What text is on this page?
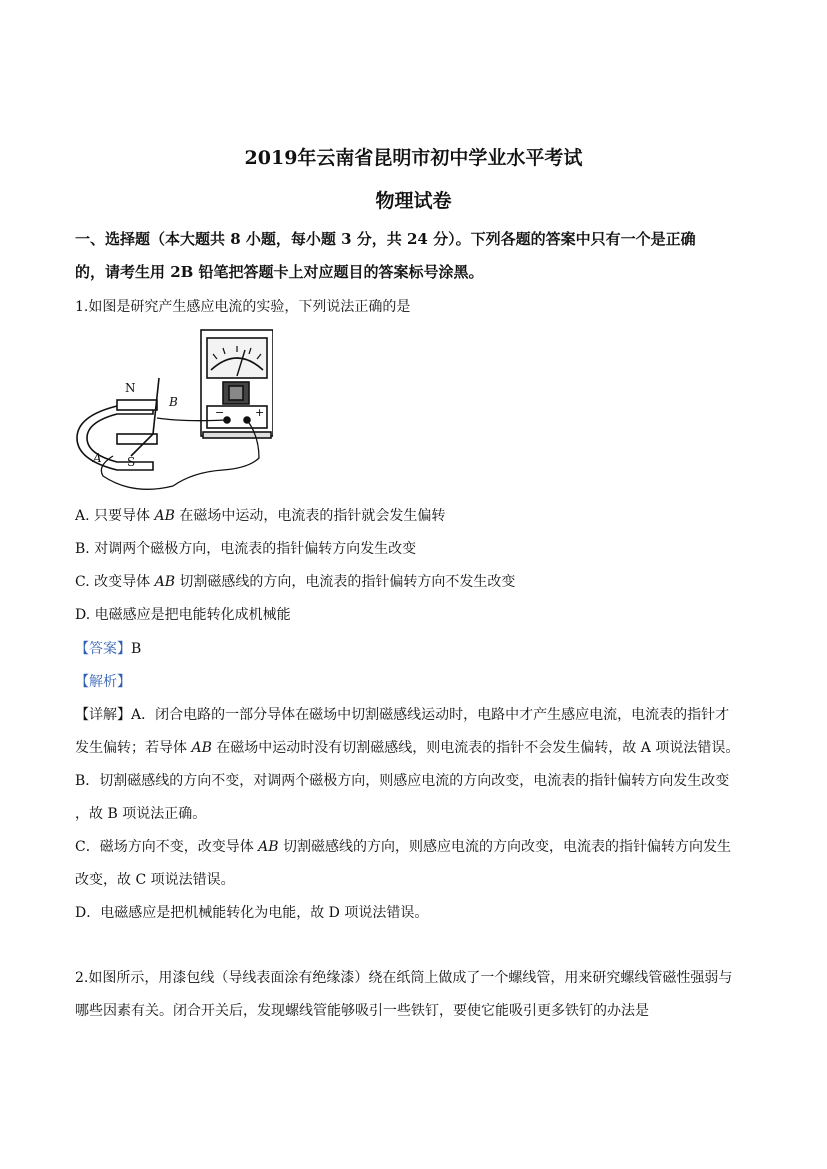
2019年云南省昆明市初中学业水平考试
物理试卷
一、选择题（本大题共 8 小题，每小题 3 分，共 24 分）。下列各题的答案中只有一个是正确
的，请考生用 2B 铅笔把答题卡上对应题目的答案标号涂黑。
1.如图是研究产生感应电流的实验，下列说法正确的是
−	+
N
S
A
B
A. 只要导体 AB 在磁场中运动，电流表的指针就会发生偏转
B. 对调两个磁极方向，电流表的指针偏转方向发生改变
C. 改变导体 AB 切割磁感线的方向，电流表的指针偏转方向不发生改变
D. 电磁感应是把电能转化成机械能
【答案】B
【解析】
【详解】A．闭合电路的一部分导体在磁场中切割磁感线运动时，电路中才产生感应电流，电流表的指针才
发生偏转；若导体 AB 在磁场中运动时没有切割磁感线，则电流表的指针不会发生偏转，故 A 项说法错误。
B．切割磁感线的方向不变，对调两个磁极方向，则感应电流的方向改变，电流表的指针偏转方向发生改变
，故 B 项说法正确。
C．磁场方向不变，改变导体 AB 切割磁感线的方向，则感应电流的方向改变，电流表的指针偏转方向发生
改变，故 C 项说法错误。
D．电磁感应是把机械能转化为电能，故 D 项说法错误。
2.如图所示，用漆包线（导线表面涂有绝缘漆）绕在纸筒上做成了一个螺线管，用来研究螺线管磁性强弱与
哪些因素有关。闭合开关后，发现螺线管能够吸引一些铁钉，要使它能吸引更多铁钉的办法是
